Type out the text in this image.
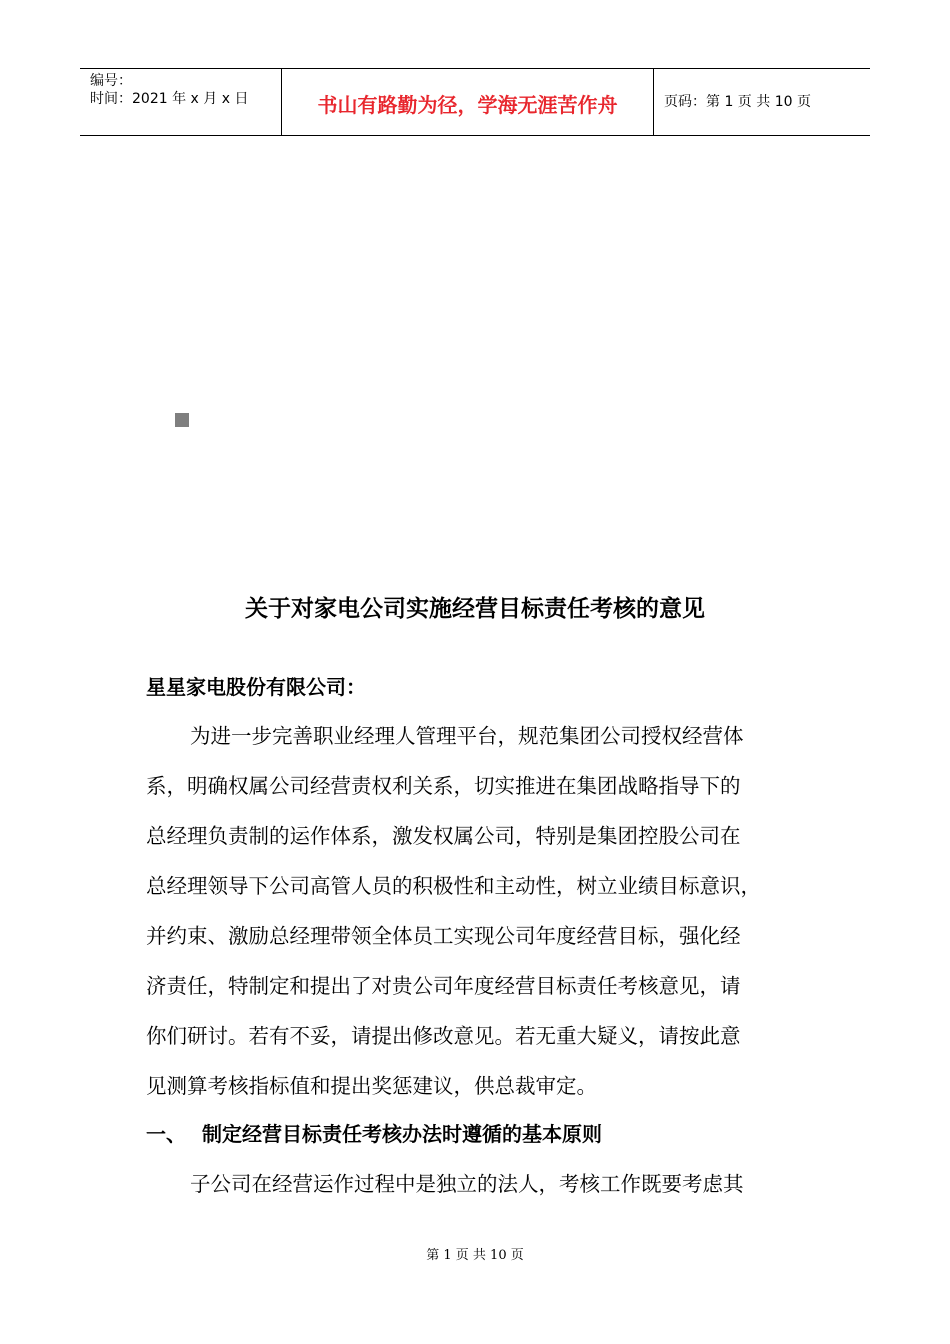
编号：
时间：2021 年 x 月 x 日	书山有路勤为径，学海无涯苦作舟	页码：第 1 页 共 10 页
关于对家电公司实施经营目标责任考核的意见
星星家电股份有限公司：
为进一步完善职业经理人管理平台，规范集团公司授权经营体
系，明确权属公司经营责权利关系，切实推进在集团战略指导下的
总经理负责制的运作体系，激发权属公司，特别是集团控股公司在
总经理领导下公司高管人员的积极性和主动性，树立业绩目标意识，
并约束、激励总经理带领全体员工实现公司年度经营目标，强化经
济责任，特制定和提出了对贵公司年度经营目标责任考核意见，请
你们研讨。若有不妥，请提出修改意见。若无重大疑义，请按此意
见测算考核指标值和提出奖惩建议，供总裁审定。
一、 制定经营目标责任考核办法时遵循的基本原则
子公司在经营运作过程中是独立的法人，考核工作既要考虑其
第 1 页 共 10 页
